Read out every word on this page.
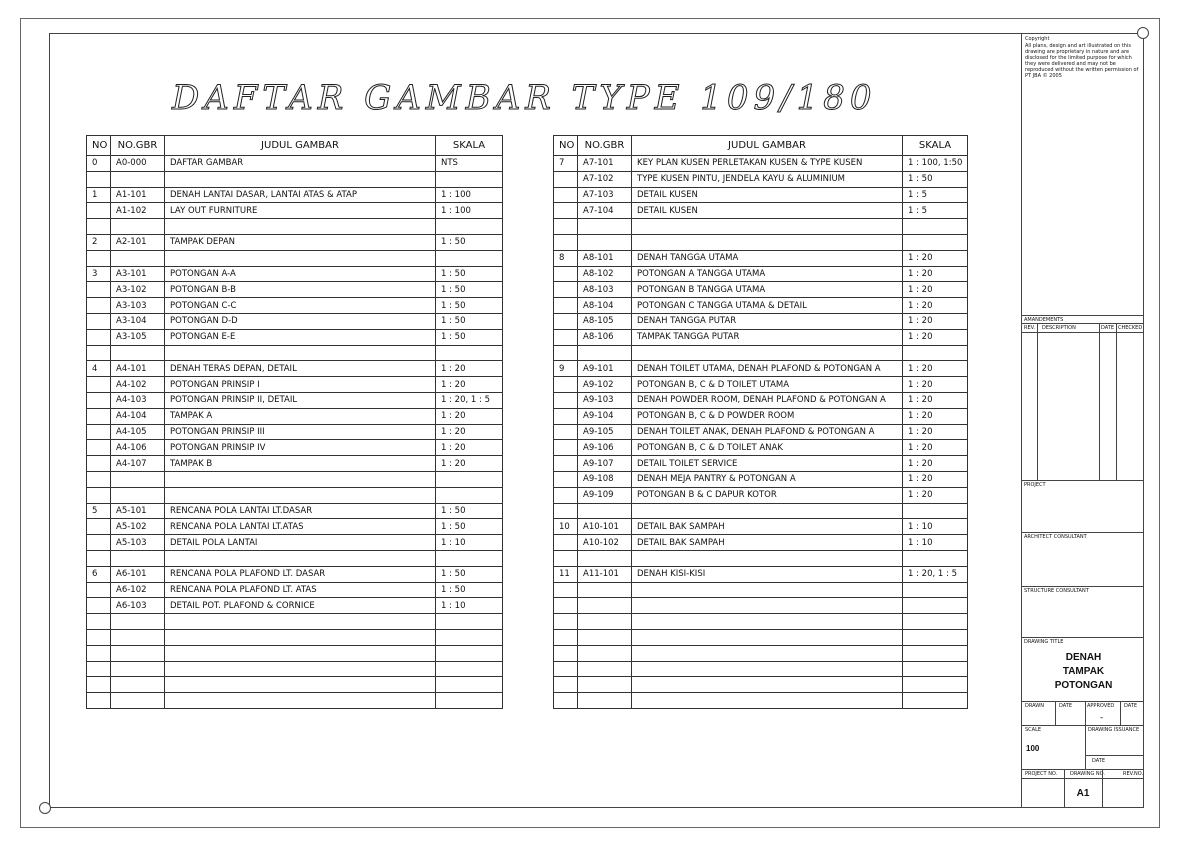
DAFTAR GAMBAR TYPE 109/180
NO	NO.GBR	JUDUL GAMBAR	SKALA
0	A0-000	DAFTAR GAMBAR	NTS

1	A1-101	DENAH LANTAI DASAR, LANTAI ATAS & ATAP	1 : 100
	A1-102	LAY OUT FURNITURE	1 : 100

2	A2-101	TAMPAK DEPAN	1 : 50

3	A3-101	POTONGAN A-A	1 : 50
	A3-102	POTONGAN B-B	1 : 50
	A3-103	POTONGAN C-C	1 : 50
	A3-104	POTONGAN D-D	1 : 50
	A3-105	POTONGAN E-E	1 : 50

4	A4-101	DENAH TERAS DEPAN, DETAIL	1 : 20
	A4-102	POTONGAN PRINSIP I	1 : 20
	A4-103	POTONGAN PRINSIP II, DETAIL	1 : 20, 1 : 5
	A4-104	TAMPAK A	1 : 20
	A4-105	POTONGAN PRINSIP III	1 : 20
	A4-106	POTONGAN PRINSIP IV	1 : 20
	A4-107	TAMPAK B	1 : 20

5	A5-101	RENCANA POLA LANTAI LT.DASAR	1 : 50
	A5-102	RENCANA POLA LANTAI LT.ATAS	1 : 50
	A5-103	DETAIL POLA LANTAI	1 : 10

6	A6-101	RENCANA POLA PLAFOND LT. DASAR	1 : 50
	A6-102	RENCANA POLA PLAFOND LT. ATAS	1 : 50
	A6-103	DETAIL POT. PLAFOND & CORNICE	1 : 10

NO	NO.GBR	JUDUL GAMBAR	SKALA
7	A7-101	KEY PLAN KUSEN PERLETAKAN KUSEN & TYPE KUSEN	1 : 100, 1:50
	A7-102	TYPE KUSEN PINTU, JENDELA KAYU & ALUMINIUM	1 : 50
	A7-103	DETAIL KUSEN	1 : 5
	A7-104	DETAIL KUSEN	1 : 5

8	A8-101	DENAH TANGGA UTAMA	1 : 20
	A8-102	POTONGAN A TANGGA UTAMA	1 : 20
	A8-103	POTONGAN B TANGGA UTAMA	1 : 20
	A8-104	POTONGAN C TANGGA UTAMA & DETAIL	1 : 20
	A8-105	DENAH TANGGA PUTAR	1 : 20
	A8-106	TAMPAK TANGGA PUTAR	1 : 20

9	A9-101	DENAH TOILET UTAMA, DENAH PLAFOND & POTONGAN A	1 : 20
	A9-102	POTONGAN B, C & D TOILET UTAMA	1 : 20
	A9-103	DENAH POWDER ROOM, DENAH PLAFOND & POTONGAN A	1 : 20
	A9-104	POTONGAN B, C & D POWDER ROOM	1 : 20
	A9-105	DENAH TOILET ANAK, DENAH PLAFOND & POTONGAN A	1 : 20
	A9-106	POTONGAN B, C & D TOILET ANAK	1 : 20
	A9-107	DETAIL TOILET SERVICE	1 : 20
	A9-108	DENAH MEJA PANTRY & POTONGAN A	1 : 20
	A9-109	POTONGAN B & C DAPUR KOTOR	1 : 20

10	A10-101	DETAIL BAK SAMPAH	1 : 10
	A10-102	DETAIL BAK SAMPAH	1 : 10

11	A11-101	DENAH KISI-KISI	1 : 20, 1 : 5

Copyright
All plans, design and art illustrated on this drawing are proprietary in nature and are disclosed for the limited purpose for which they were delivered and may not be reproduced without the written permission of PT JBA © 2005
AMANDEMENTS
REV. DESCRIPTION	DATE CHECKED
PROJECT
ARCHITECT CONSULTANT
STRUCTURE CONSULTANT
DRAWING TITLE
DENAH
TAMPAK
POTONGAN
DRAWN	DATE	APPROVED DATE
-
SCALE	DRAWING ISSUANCE
100
DATE
PROJECT NO.	DRAWING NO.	REV.NO.
A1
